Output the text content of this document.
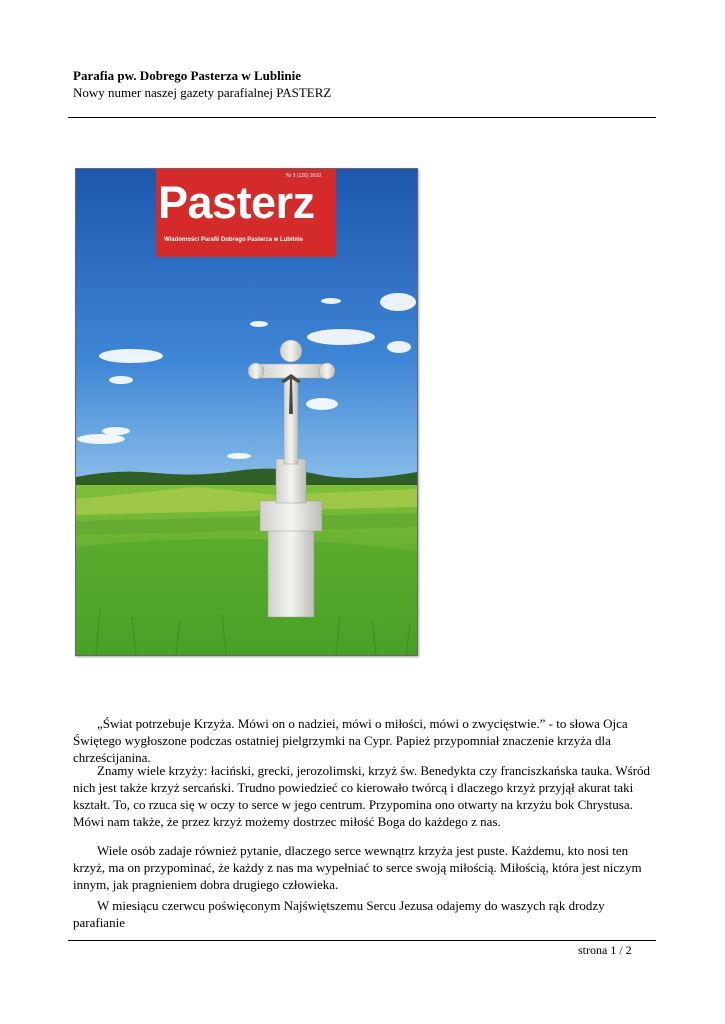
Parafia pw. Dobrego Pasterza w Lublinie
Nowy numer naszej gazety parafialnej PASTERZ
Nr 3 (126) 2010
Pasterz
Wiadomości Parafii Dobrego Pasterza w Lublinie

„Świat potrzebuje Krzyża. Mówi on o nadziei, mówi o miłości, mówi o zwycięstwie.” - to słowa Ojca Świętego wygłoszone podczas ostatniej pielgrzymki na Cypr. Papież przypomniał znaczenie krzyża dla chrześcijanina.

Znamy wiele krzyży: łaciński, grecki, jerozolimski, krzyż św. Benedykta czy franciszkańska tauka. Wśród nich jest także krzyż sercański. Trudno powiedzieć co kierowało twórcą i dlaczego krzyż przyjął akurat taki kształt. To, co rzuca się w oczy to serce w jego centrum. Przypomina ono otwarty na krzyżu bok Chrystusa. Mówi nam także, że przez krzyż możemy dostrzec miłość Boga do każdego z nas.

Wiele osób zadaje również pytanie, dlaczego serce wewnątrz krzyża jest puste. Każdemu, kto nosi ten krzyż, ma on przypominać, że każdy z nas ma wypełniać to serce swoją miłością. Miłością, która jest niczym innym, jak pragnieniem dobra drugiego człowieka.

W miesiącu czerwcu poświęconym Najświętszemu Sercu Jezusa odajemy do waszych rąk drodzy parafianie

strona 1 / 2
